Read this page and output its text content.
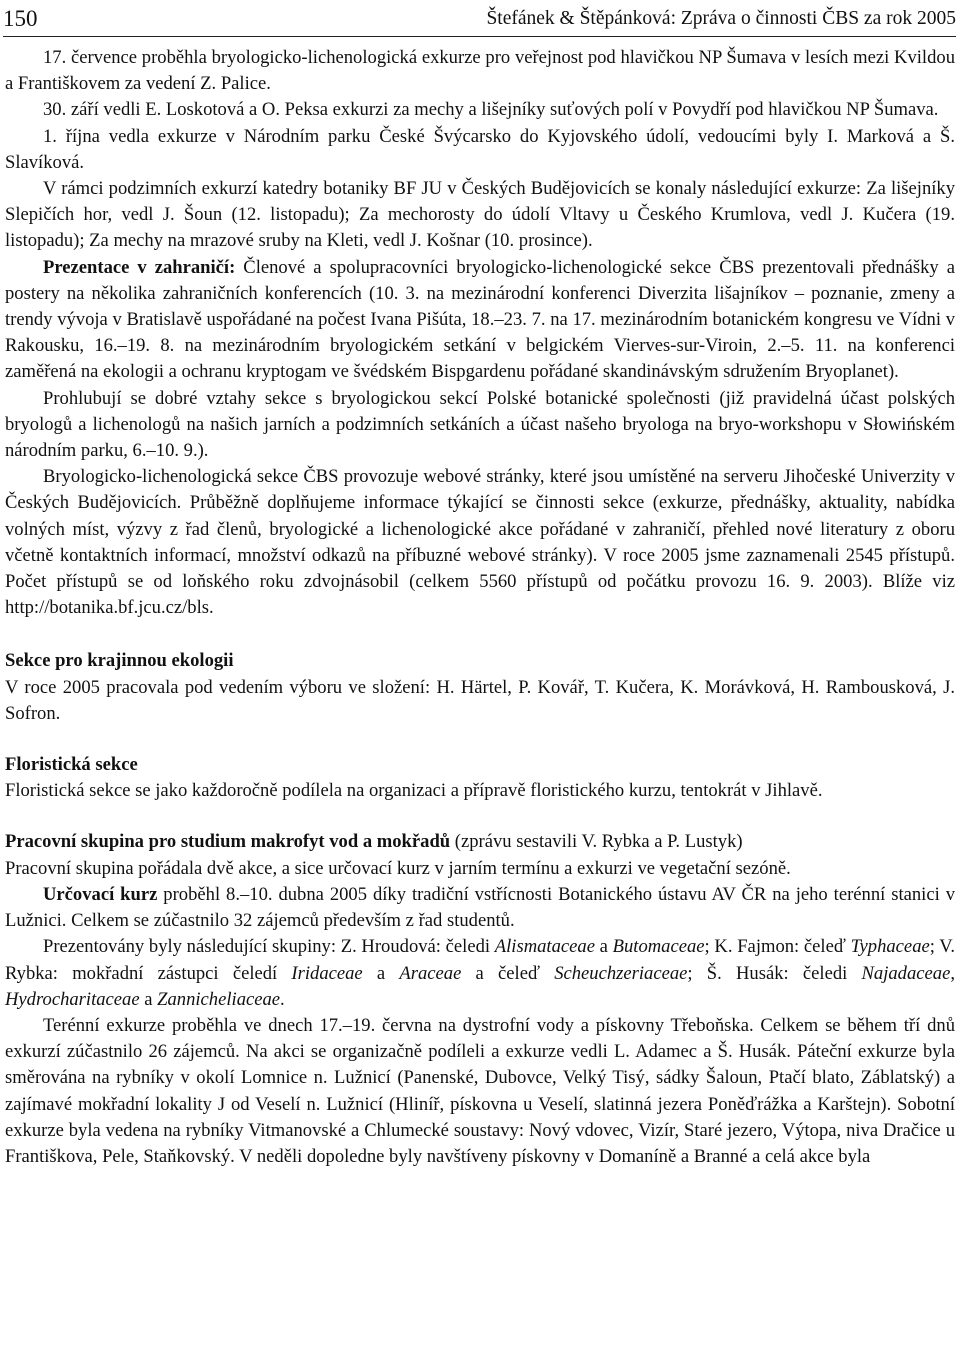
150	Štefánek & Štěpánková: Zpráva o činnosti ČBS za rok 2005

17. července proběhla bryologicko-lichenologická exkurze pro veřejnost pod hlavičkou NP Šumava v lesích mezi Kvildou a Františkovem za vedení Z. Palice.

30. září vedli E. Loskotová a O. Peksa exkurzi za mechy a lišejníky suťových polí v Povydří pod hlavičkou NP Šumava.

1. října vedla exkurze v Národním parku České Švýcarsko do Kyjovského údolí, vedoucími byly I. Marková a Š. Slavíková.

V rámci podzimních exkurzí katedry botaniky BF JU v Českých Budějovicích se konaly následující exkurze: Za lišejníky Slepičích hor, vedl J. Šoun (12. listopadu); Za mechorosty do údolí Vltavy u Českého Krumlova, vedl J. Kučera (19. listopadu); Za mechy na mrazové sruby na Kleti, vedl J. Košnar (10. prosince).

Prezentace v zahraničí: Členové a spolupracovníci bryologicko-lichenologické sekce ČBS prezentovali přednášky a postery na několika zahraničních konferencích (10. 3. na mezinárodní konferenci Diverzita lišajníkov – poznanie, zmeny a trendy vývoja v Bratislavě uspořádané na počest Ivana Pišúta, 18.–23. 7. na 17. mezinárodním botanickém kongresu ve Vídni v Rakousku, 16.–19. 8. na mezinárodním bryologickém setkání v belgickém Vierves-sur-Viroin, 2.–5. 11. na konferenci zaměřená na ekologii a ochranu kryptogam ve švédském Bispgardenu pořádané skandinávským sdružením Bryoplanet).

Prohlubují se dobré vztahy sekce s bryologickou sekcí Polské botanické společnosti (již pravidelná účast polských bryologů a lichenologů na našich jarních a podzimních setkáních a účast našeho bryologa na bryo-workshopu v Słowińském národním parku, 6.–10. 9.).

Bryologicko-lichenologická sekce ČBS provozuje webové stránky, které jsou umístěné na serveru Jihočeské Univerzity v Českých Budějovicích. Průběžně doplňujeme informace týkající se činnosti sekce (exkurze, přednášky, aktuality, nabídka volných míst, výzvy z řad členů, bryologické a lichenologické akce pořádané v zahraničí, přehled nové literatury z oboru včetně kontaktních informací, množství odkazů na příbuzné webové stránky). V roce 2005 jsme zaznamenali 2545 přístupů. Počet přístupů se od loňského roku zdvojnásobil (celkem 5560 přístupů od počátku provozu 16. 9. 2003). Blíže viz http://botanika.bf.jcu.cz/bls.

Sekce pro krajinnou ekologii

V roce 2005 pracovala pod vedením výboru ve složení: H. Härtel, P. Kovář, T. Kučera, K. Morávková, H. Rambousková, J. Sofron.

Floristická sekce

Floristická sekce se jako každoročně podílela na organizaci a přípravě floristického kurzu, tentokrát v Jihlavě.

Pracovní skupina pro studium makrofyt vod a mokřadů (zprávu sestavili V. Rybka a P. Lustyk)

Pracovní skupina pořádala dvě akce, a sice určovací kurz v jarním termínu a exkurzi ve vegetační sezóně.

Určovací kurz proběhl 8.–10. dubna 2005 díky tradiční vstřícnosti Botanického ústavu AV ČR na jeho terénní stanici v Lužnici. Celkem se zúčastnilo 32 zájemců především z řad studentů.

Prezentovány byly následující skupiny: Z. Hroudová: čeledi Alismataceae a Butomaceae; K. Fajmon: čeleď Typhaceae; V. Rybka: mokřadní zástupci čeledí Iridaceae a Araceae a čeleď Scheuchzeriaceae; Š. Husák: čeledi Najadaceae, Hydrocharitaceae a Zannicheliaceae.

Terénní exkurze proběhla ve dnech 17.–19. června na dystrofní vody a pískovny Třeboňska. Celkem se během tří dnů exkurzí zúčastnilo 26 zájemců. Na akci se organizačně podíleli a exkurze vedli L. Adamec a Š. Husák. Páteční exkurze byla směrována na rybníky v okolí Lomnice n. Lužnicí (Panenské, Dubovce, Velký Tisý, sádky Šaloun, Ptačí blato, Záblatský) a zajímavé mokřadní lokality J od Veselí n. Lužnicí (Hliníř, pískovna u Veselí, slatinná jezera Poněďrážka a Karštejn). Sobotní exkurze byla vedena na rybníky Vitmanovské a Chlumecké soustavy: Nový vdovec, Vizír, Staré jezero, Výtopa, niva Dračice u Františkova, Pele, Staňkovský. V neděli dopoledne byly navštíveny pískovny v Domaníně a Branné a celá akce byla
